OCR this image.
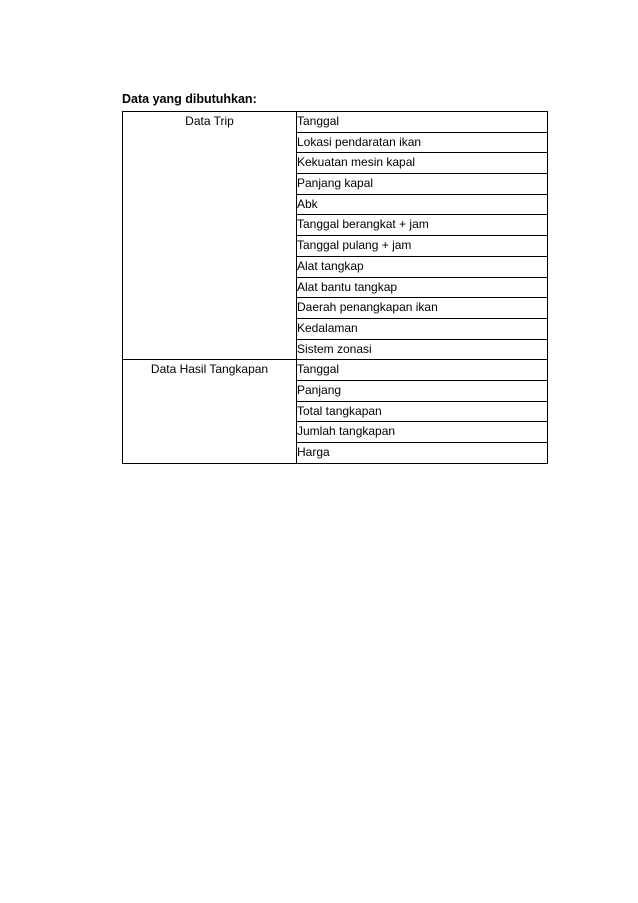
Data yang dibutuhkan:

Data Trip	Tanggal
	Lokasi pendaratan ikan
	Kekuatan mesin kapal
	Panjang kapal
	Abk
	Tanggal berangkat + jam
	Tanggal pulang + jam
	Alat tangkap
	Alat bantu tangkap
	Daerah penangkapan ikan
	Kedalaman
	Sistem zonasi
Data Hasil Tangkapan	Tanggal
	Panjang
	Total tangkapan
	Jumlah tangkapan
	Harga
